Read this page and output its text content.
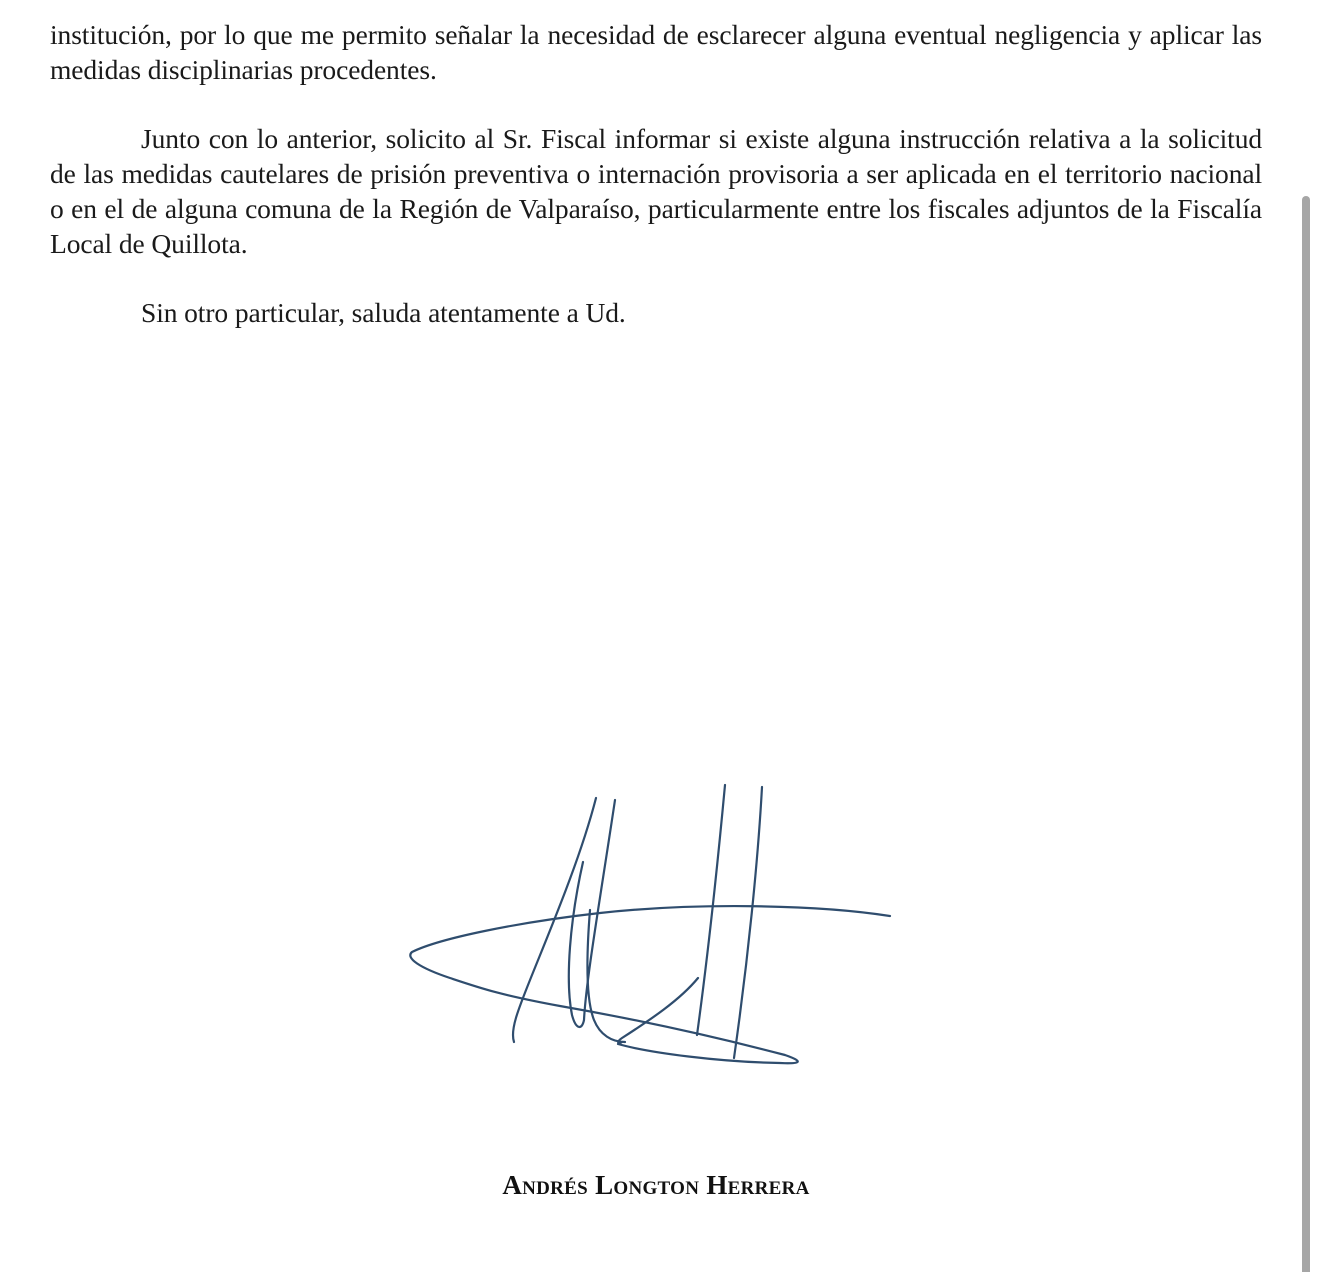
institución, por lo que me permito señalar la necesidad de esclarecer alguna eventual negligencia y aplicar las medidas disciplinarias procedentes.

Junto con lo anterior, solicito al Sr. Fiscal informar si existe alguna instrucción relativa a la solicitud de las medidas cautelares de prisión preventiva o internación provisoria a ser aplicada en el territorio nacional o en el de alguna comuna de la Región de Valparaíso, particularmente entre los fiscales adjuntos de la Fiscalía Local de Quillota.

Sin otro particular, saluda atentamente a Ud.

Andrés Longton Herrera
